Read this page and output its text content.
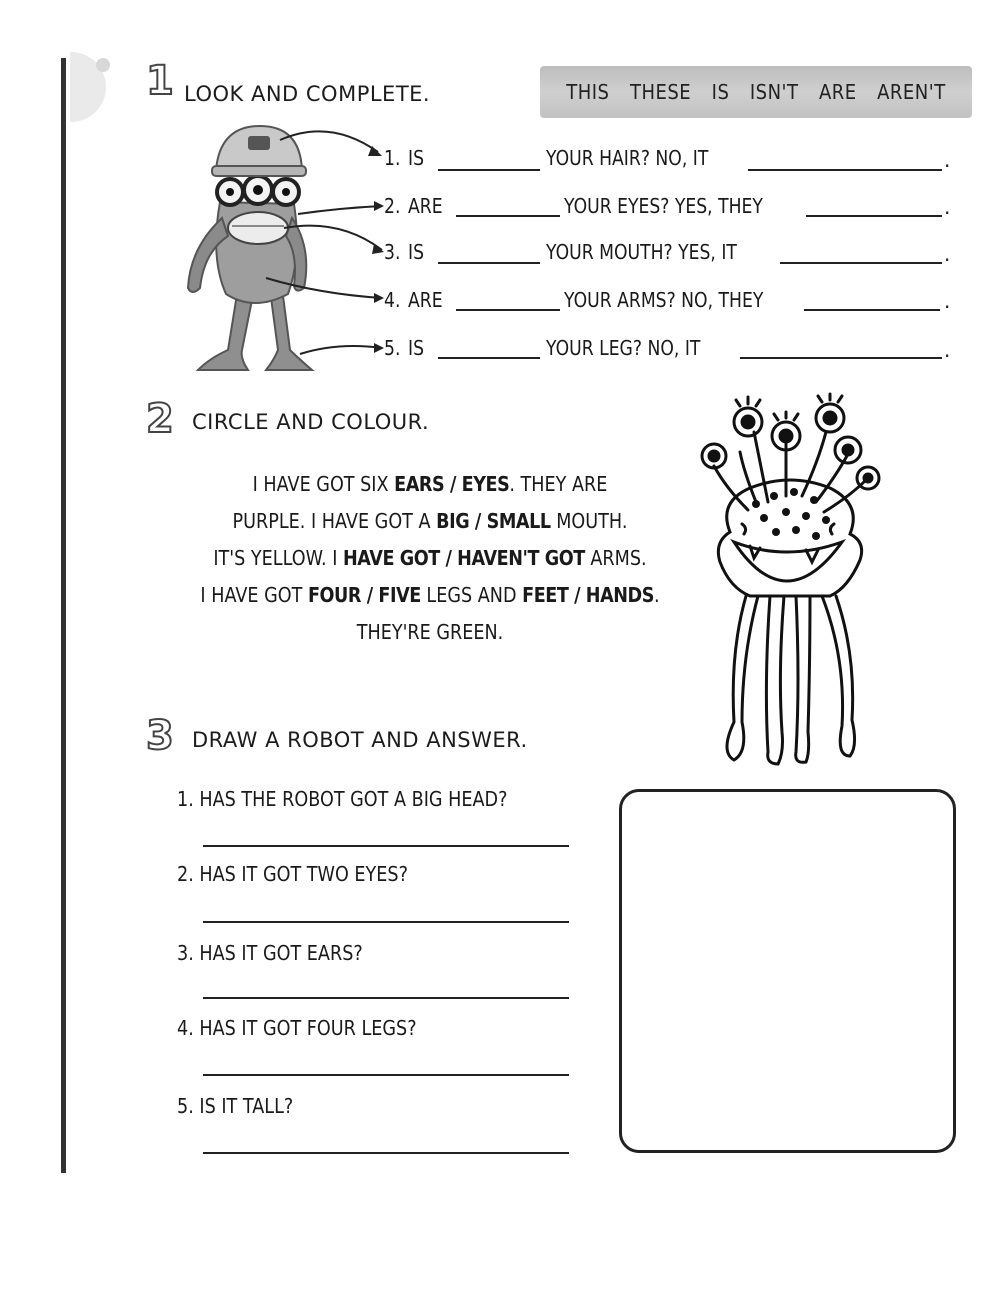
1 LOOK AND COMPLETE.	THIS THESE IS ISN'T ARE AREN'T
1. IS	YOUR HAIR? NO, IT	.
2. ARE	YOUR EYES? YES, THEY	.
3. IS	YOUR MOUTH? YES, IT	.
4. ARE	YOUR ARMS? NO, THEY	.
5. IS	YOUR LEG? NO, IT	.
2 CIRCLE AND COLOUR.
I HAVE GOT SIX EARS / EYES. THEY ARE
PURPLE. I HAVE GOT A BIG / SMALL MOUTH.
IT'S YELLOW. I HAVE GOT / HAVEN'T GOT ARMS.
I HAVE GOT FOUR / FIVE LEGS AND FEET / HANDS.
THEY'RE GREEN.
3 DRAW A ROBOT AND ANSWER.
1. HAS THE ROBOT GOT A BIG HEAD?
2. HAS IT GOT TWO EYES?
3. HAS IT GOT EARS?
4. HAS IT GOT FOUR LEGS?
5. IS IT TALL?
